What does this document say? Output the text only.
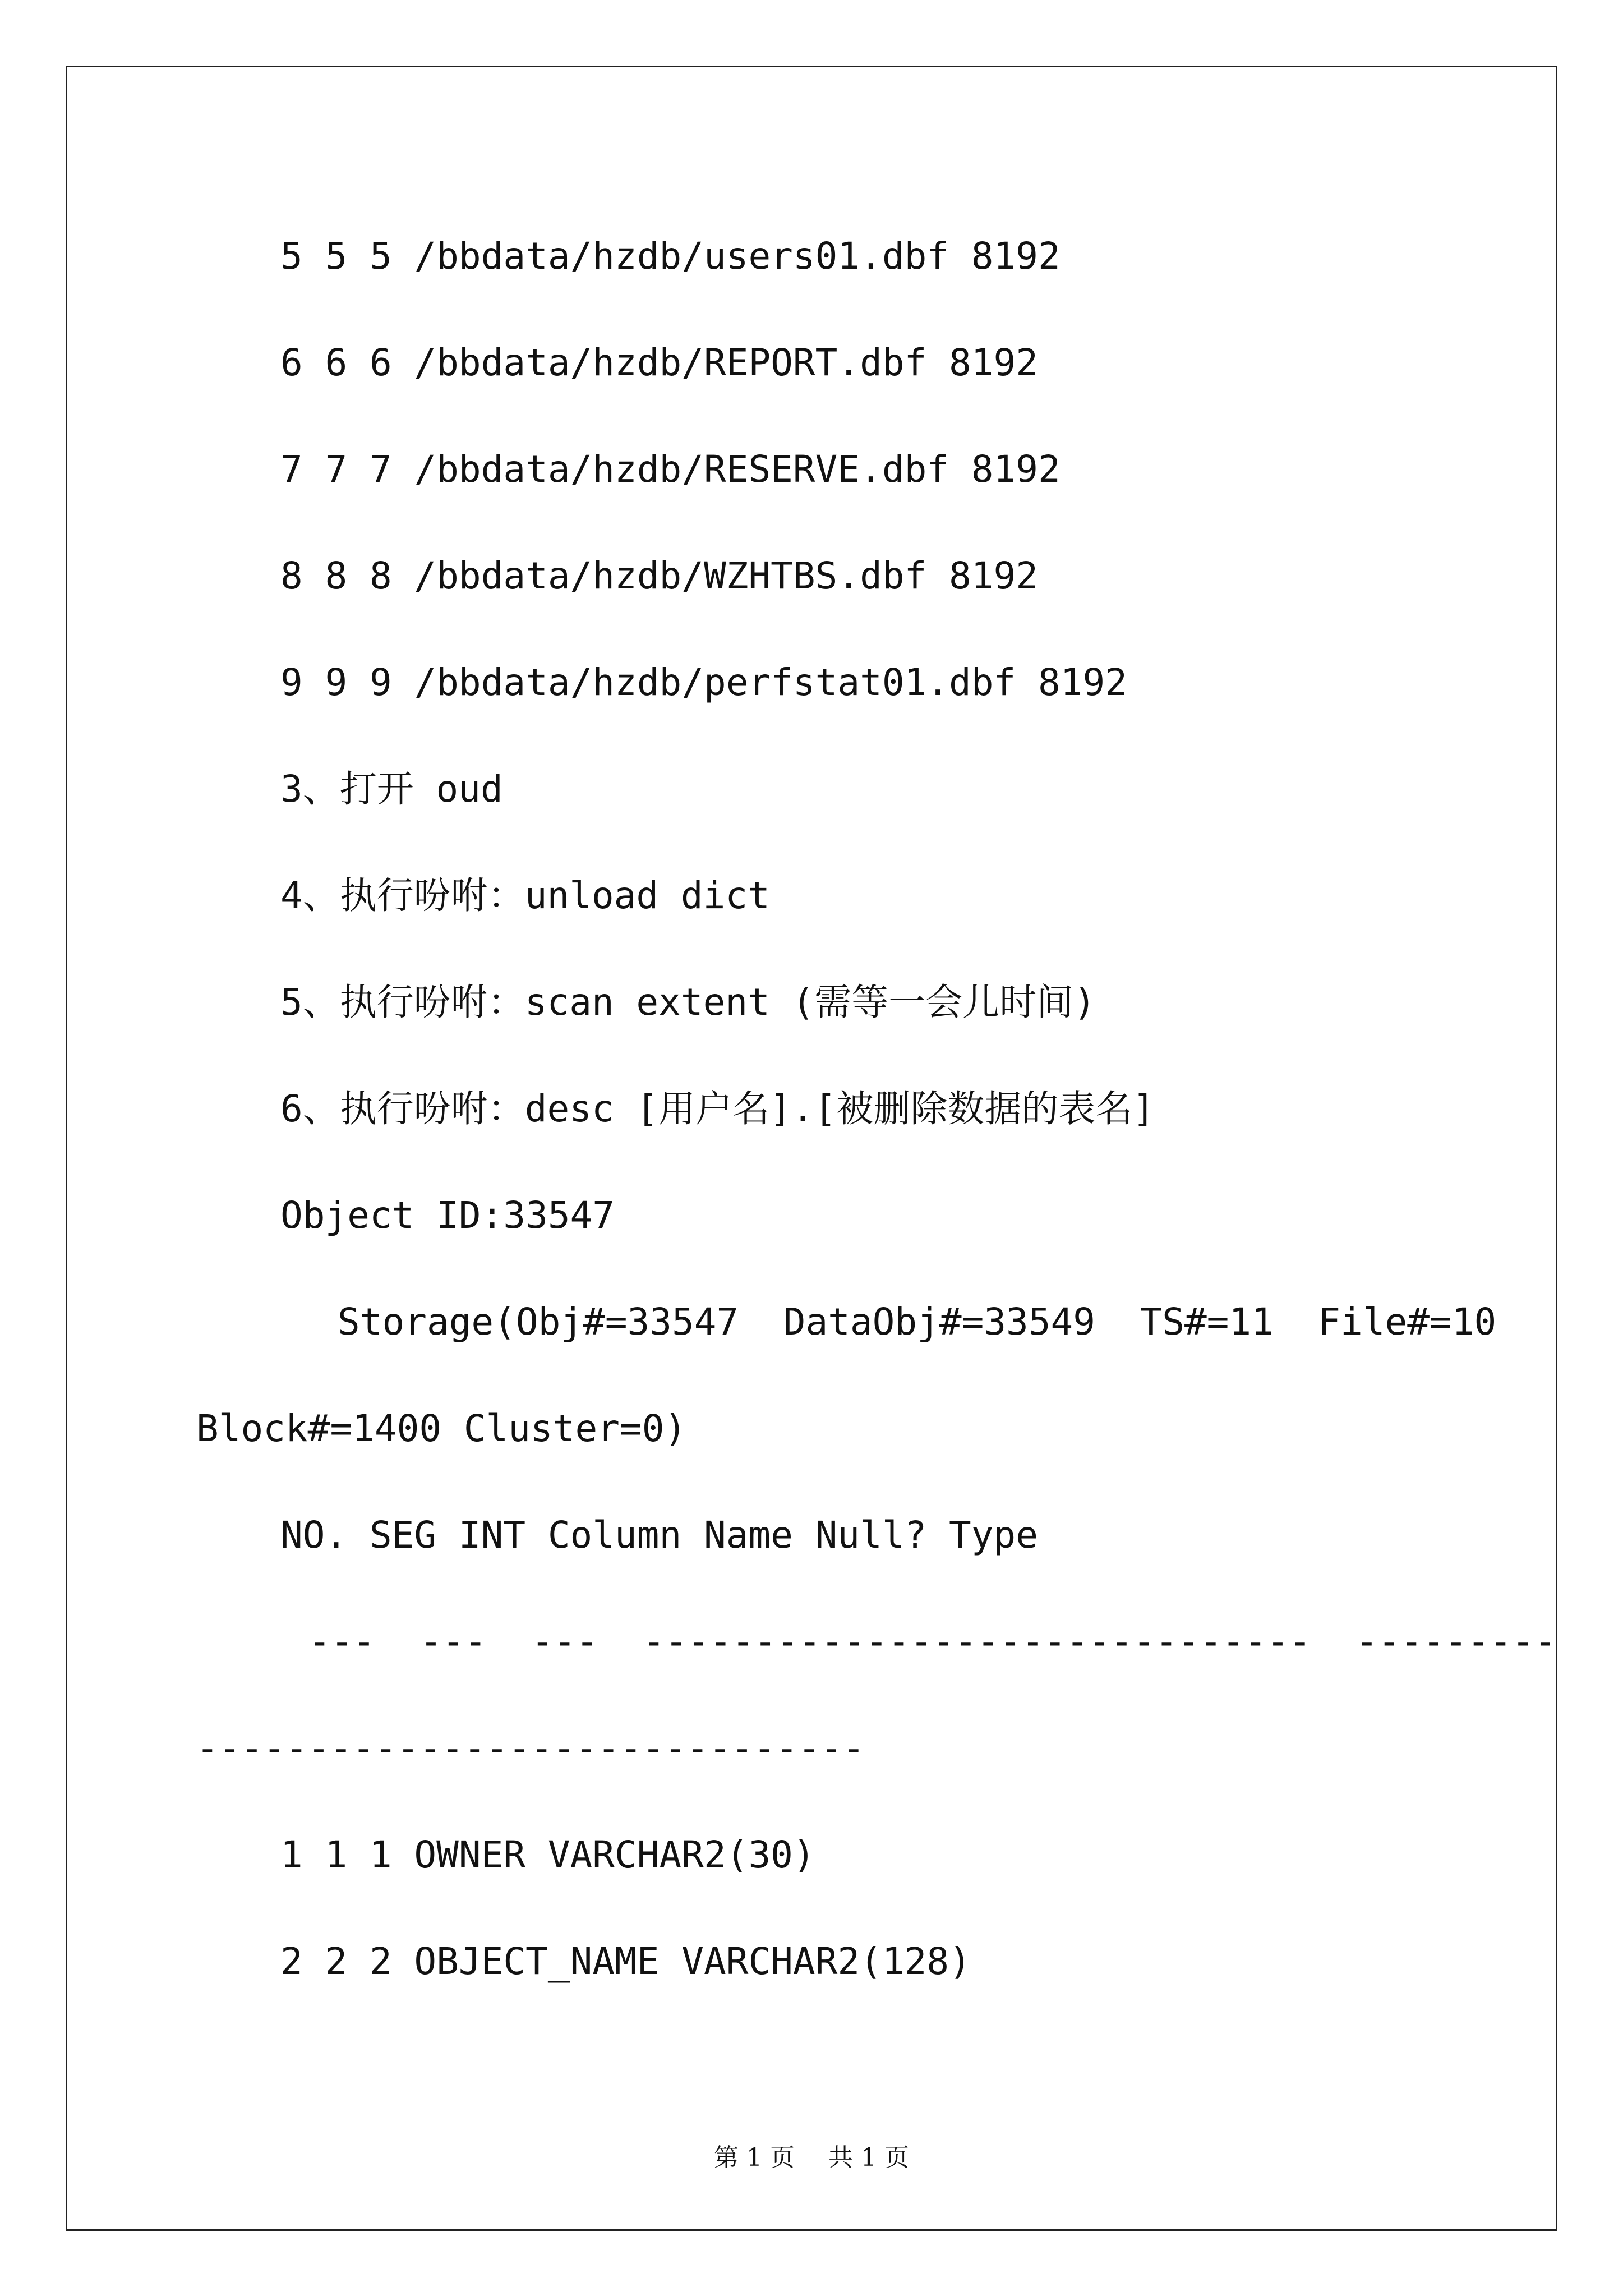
5 5 5 /bbdata/hzdb/users01.dbf 8192
6 6 6 /bbdata/hzdb/REPORT.dbf 8192
7 7 7 /bbdata/hzdb/RESERVE.dbf 8192
8 8 8 /bbdata/hzdb/WZHTBS.dbf 8192
9 9 9 /bbdata/hzdb/perfstat01.dbf 8192
3、打开 oud
4、执行吩咐：unload dict
5、执行吩咐：scan extent (需等一会儿时间)
6、执行吩咐：desc [用户名].[被删除数据的表名]
Object ID:33547
Storage(Obj#=33547  DataObj#=33549  TS#=11  File#=10
Block#=1400 Cluster=0)
NO. SEG INT Column Name Null? Type
---  ---  ---  ------------------------------  ---------
------------------------------
1 1 1 OWNER VARCHAR2(30)
2 2 2 OBJECT_NAME VARCHAR2(128)
第 1 页 共 1 页
